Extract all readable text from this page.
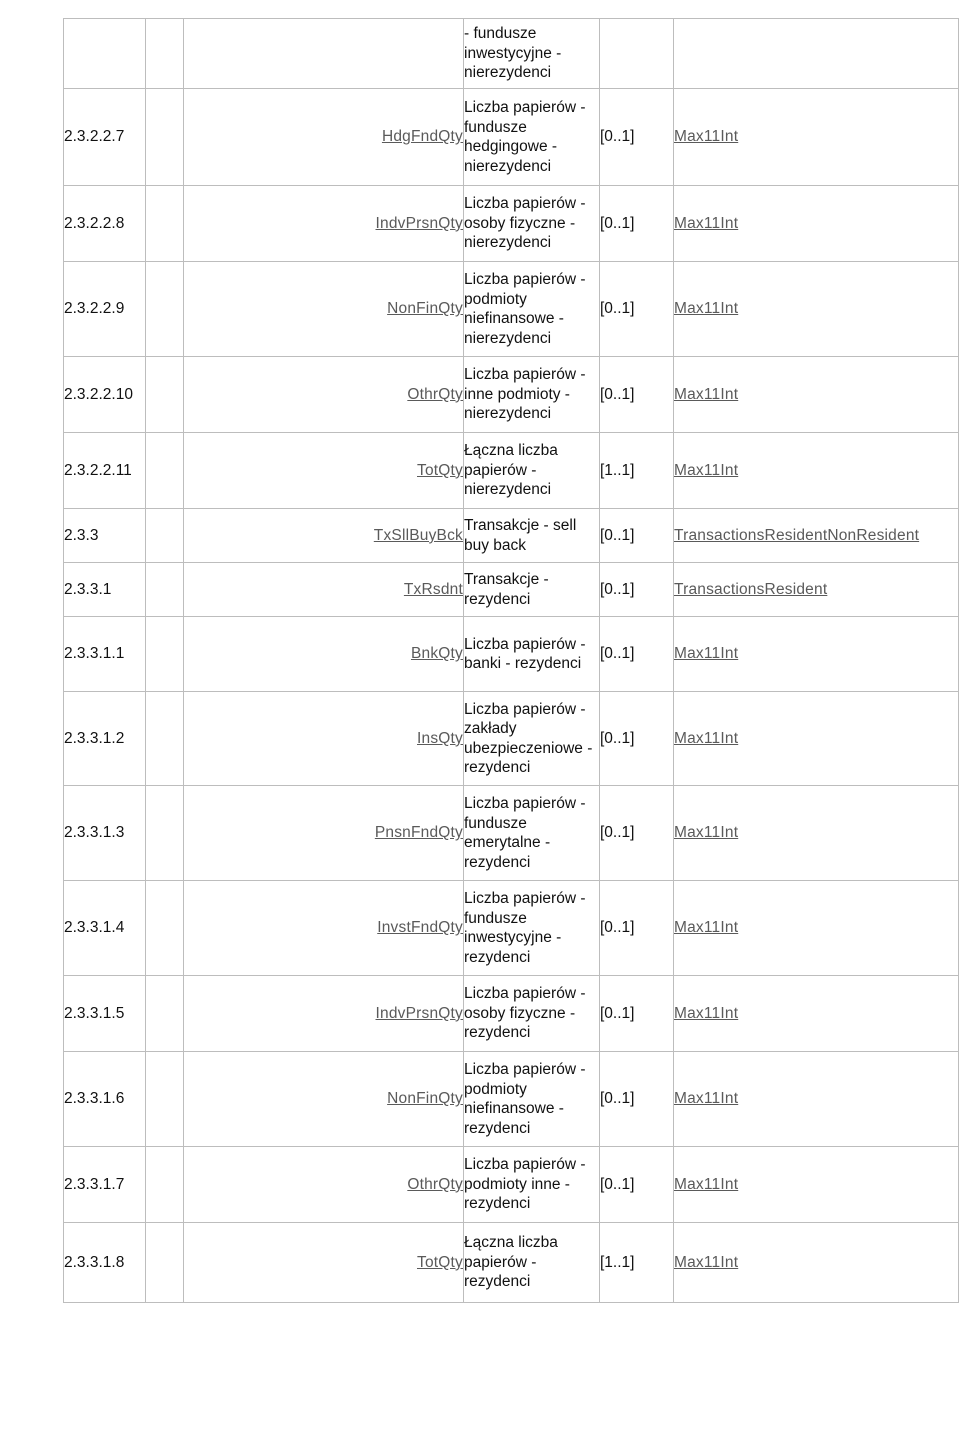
			- fundusze inwestycyjne - nierezydenci		
2.3.2.2.7		HdgFndQty	Liczba papierów - fundusze hedgingowe - nierezydenci	[0..1]	Max11Int
2.3.2.2.8		IndvPrsnQty	Liczba papierów - osoby fizyczne - nierezydenci	[0..1]	Max11Int
2.3.2.2.9		NonFinQty	Liczba papierów - podmioty niefinansowe - nierezydenci	[0..1]	Max11Int
2.3.2.2.10		OthrQty	Liczba papierów - inne podmioty - nierezydenci	[0..1]	Max11Int
2.3.2.2.11		TotQty	Łączna liczba papierów - nierezydenci	[1..1]	Max11Int
2.3.3		TxSllBuyBck	Transakcje - sell buy back	[0..1]	TransactionsResidentNonResident
2.3.3.1		TxRsdnt	Transakcje - rezydenci	[0..1]	TransactionsResident
2.3.3.1.1		BnkQty	Liczba papierów - banki - rezydenci	[0..1]	Max11Int
2.3.3.1.2		InsQty	Liczba papierów - zakłady ubezpieczeniowe - rezydenci	[0..1]	Max11Int
2.3.3.1.3		PnsnFndQty	Liczba papierów - fundusze emerytalne - rezydenci	[0..1]	Max11Int
2.3.3.1.4		InvstFndQty	Liczba papierów - fundusze inwestycyjne - rezydenci	[0..1]	Max11Int
2.3.3.1.5		IndvPrsnQty	Liczba papierów - osoby fizyczne - rezydenci	[0..1]	Max11Int
2.3.3.1.6		NonFinQty	Liczba papierów - podmioty niefinansowe - rezydenci	[0..1]	Max11Int
2.3.3.1.7		OthrQty	Liczba papierów - podmioty inne - rezydenci	[0..1]	Max11Int
2.3.3.1.8		TotQty	Łączna liczba papierów - rezydenci	[1..1]	Max11Int
